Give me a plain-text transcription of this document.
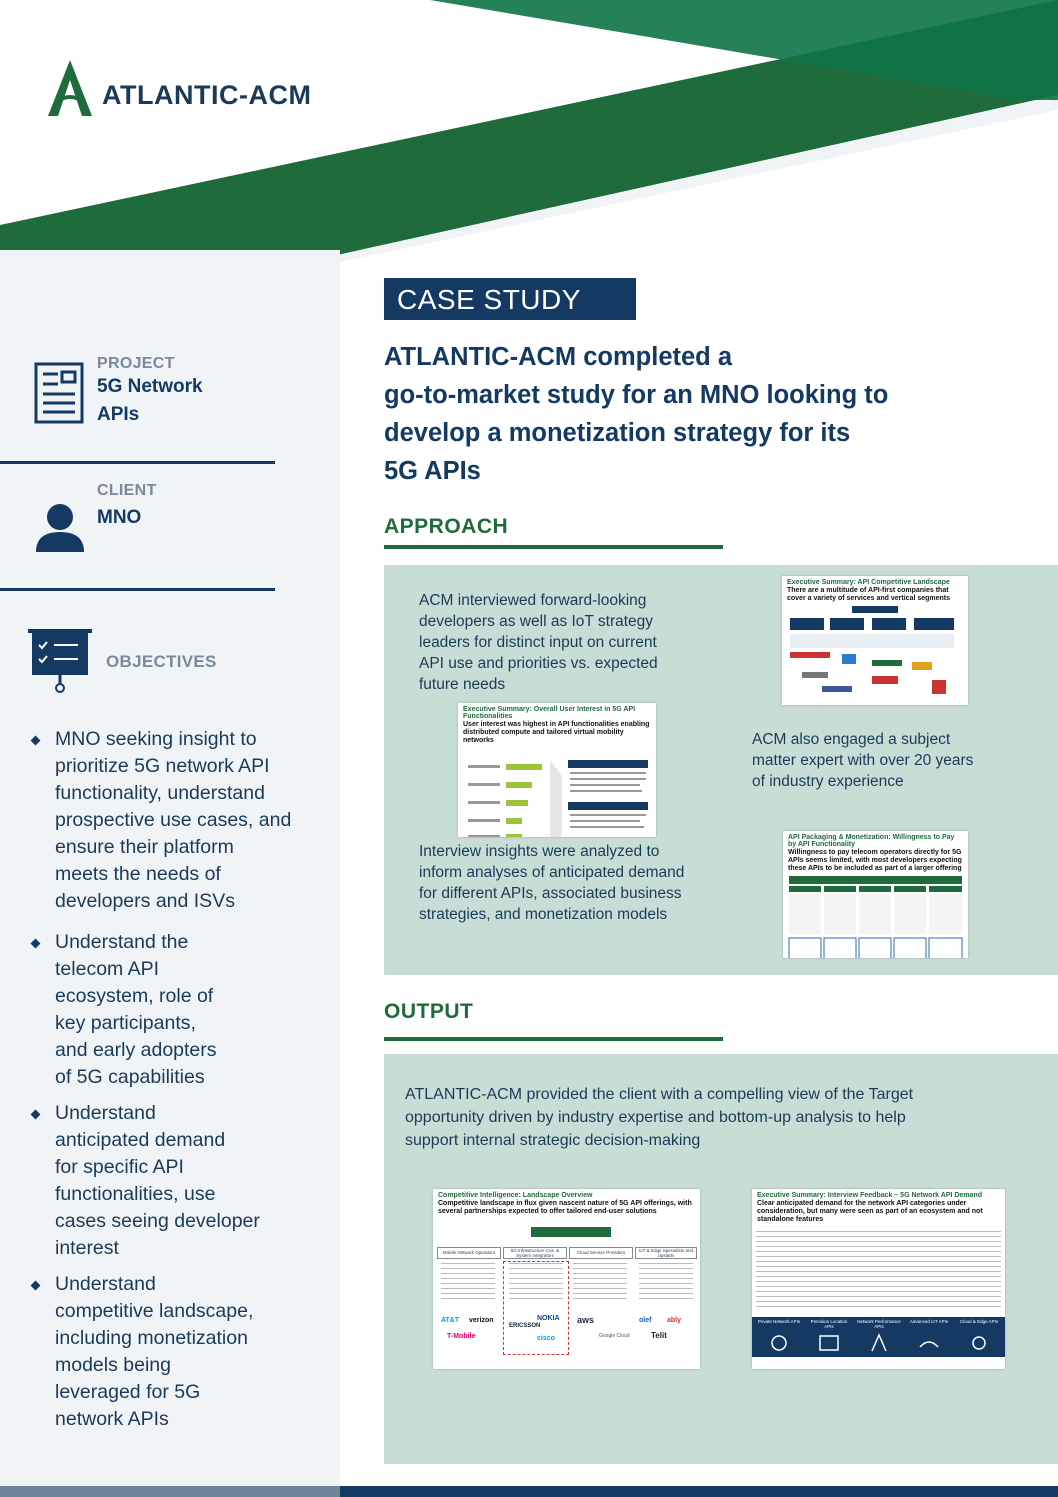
ATLANTIC-ACM
CASE STUDY
ATLANTIC-ACM completed a
go-to-market study for an MNO looking to
develop a monetization strategy for its
5G APIs
PROJECT
5G Network
APIs
CLIENT
MNO
OBJECTIVES
MNO seeking insight to
prioritize 5G network API
functionality, understand
prospective use cases, and
ensure their platform
meets the needs of
developers and ISVs
Understand the
telecom API
ecosystem, role of
key participants,
and early adopters
of 5G capabilities
Understand
anticipated demand
for specific API
functionalities, use
cases seeing developer
interest
Understand
competitive landscape,
including monetization
models being
leveraged for 5G
network APIs
APPROACH
ACM interviewed forward-looking
developers as well as IoT strategy
leaders for distinct input on current
API use and priorities vs. expected
future needs
ACM also engaged a subject
matter expert with over 20 years
of industry experience
Interview insights were analyzed to
inform analyses of anticipated demand
for different APIs, associated business
strategies, and monetization models
Executive Summary: API Competitive Landscape
There are a multitude of API-first companies that cover a variety of services and vertical segments
Executive Summary: Overall User Interest in 5G API Functionalities
User interest was highest in API functionalities enabling distributed compute and tailored virtual mobility networks
API Packaging & Monetization: Willingness to Pay by API Functionality
Willingness to pay telecom operators directly for 5G APIs seems limited, with most developers expecting these APIs to be included as part of a larger offering
OUTPUT
ATLANTIC-ACM provided the client with a compelling view of the Target
opportunity driven by industry expertise and bottom-up analysis to help
support internal strategic decision-making
Competitive Intelligence: Landscape Overview
Competitive landscape in flux given nascent nature of 5G API offerings, with several partnerships expected to offer tailored end-user solutions
Mobile Network Operators	5G Infrastructure Cos. & System Integrators
Cloud Service Providers	IoT & Edge Specialists and Upstarts
AT&T verizon
T-Mobile
ERICSSON
NOKIA
cisco
aws
Google Cloud
olef ably
Telit
Executive Summary: Interview Feedback – 5G Network API Demand
Clear anticipated demand for the network API categories under consideration, but many were seen as part of an ecosystem and not standalone features
Private Network APIs	Precision Location APIs
Network Performance APIs
Advanced IoT APIs	Cloud & Edge APIs
